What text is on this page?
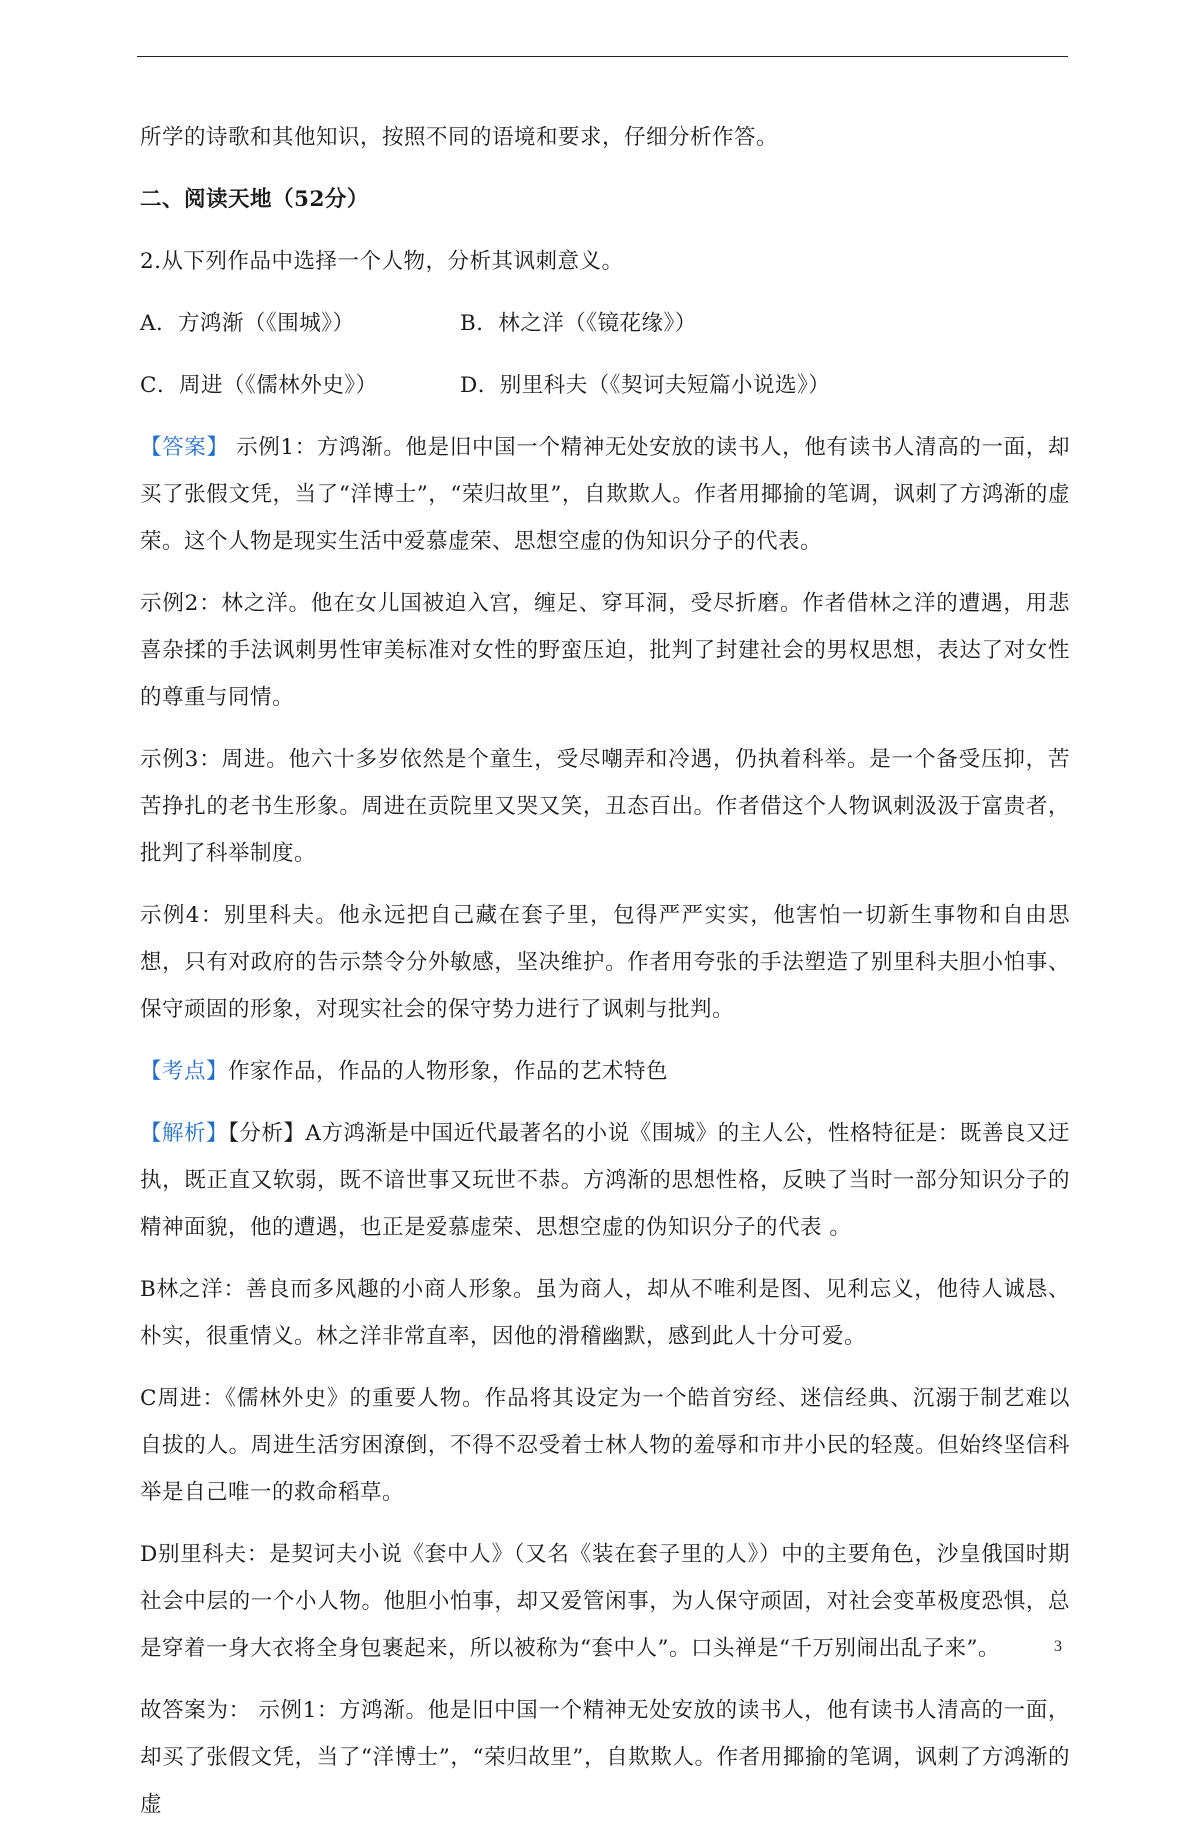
所学的诗歌和其他知识，按照不同的语境和要求，仔细分析作答。

二、阅读天地（52分）

2.从下列作品中选择一个人物，分析其讽刺意义。

A．方鸿渐（《围城》）	B．林之洋（《镜花缘》）
C．周进（《儒林外史》）	D．别里科夫（《契诃夫短篇小说选》）

【答案】 示例1：方鸿渐。他是旧中国一个精神无处安放的读书人，他有读书人清高的一面，却买了张假文凭，当了“洋博士”，“荣归故里”，自欺欺人。作者用揶揄的笔调，讽刺了方鸿渐的虚荣。这个人物是现实生活中爱慕虚荣、思想空虚的伪知识分子的代表。

示例2：林之洋。他在女儿国被迫入宫，缠足、穿耳洞，受尽折磨。作者借林之洋的遭遇，用悲喜杂揉的手法讽刺男性审美标准对女性的野蛮压迫，批判了封建社会的男权思想，表达了对女性的尊重与同情。

示例3：周进。他六十多岁依然是个童生，受尽嘲弄和冷遇，仍执着科举。是一个备受压抑，苦苦挣扎的老书生形象。周进在贡院里又哭又笑，丑态百出。作者借这个人物讽刺汲汲于富贵者，批判了科举制度。

示例4：别里科夫。他永远把自己藏在套子里，包得严严实实，他害怕一切新生事物和自由思想，只有对政府的告示禁令分外敏感，坚决维护。作者用夸张的手法塑造了别里科夫胆小怕事、保守顽固的形象，对现实社会的保守势力进行了讽刺与批判。

【考点】作家作品，作品的人物形象，作品的艺术特色

【解析】【分析】A方鸿渐是中国近代最著名的小说《围城》的主人公，性格特征是：既善良又迂执，既正直又软弱，既不谙世事又玩世不恭。方鸿渐的思想性格，反映了当时一部分知识分子的精神面貌，他的遭遇，也正是爱慕虚荣、思想空虚的伪知识分子的代表 。

B林之洋：善良而多风趣的小商人形象。虽为商人，却从不唯利是图、见利忘义，他待人诚恳、朴实，很重情义。林之洋非常直率，因他的滑稽幽默，感到此人十分可爱。

C周进：《儒林外史》的重要人物。作品将其设定为一个皓首穷经、迷信经典、沉溺于制艺难以自拔的人。周进生活穷困潦倒，不得不忍受着士林人物的羞辱和市井小民的轻蔑。但始终坚信科举是自己唯一的救命稻草。

D别里科夫：是契诃夫小说《套中人》（又名《装在套子里的人》）中的主要角色，沙皇俄国时期社会中层的一个小人物。他胆小怕事，却又爱管闲事，为人保守顽固，对社会变革极度恐惧，总是穿着一身大衣将全身包裹起来，所以被称为“套中人”。口头禅是“千万别闹出乱子来”。

故答案为： 示例1：方鸿渐。他是旧中国一个精神无处安放的读书人，他有读书人清高的一面，却买了张假文凭，当了“洋博士”，“荣归故里”，自欺欺人。作者用揶揄的笔调，讽刺了方鸿渐的虚

3
